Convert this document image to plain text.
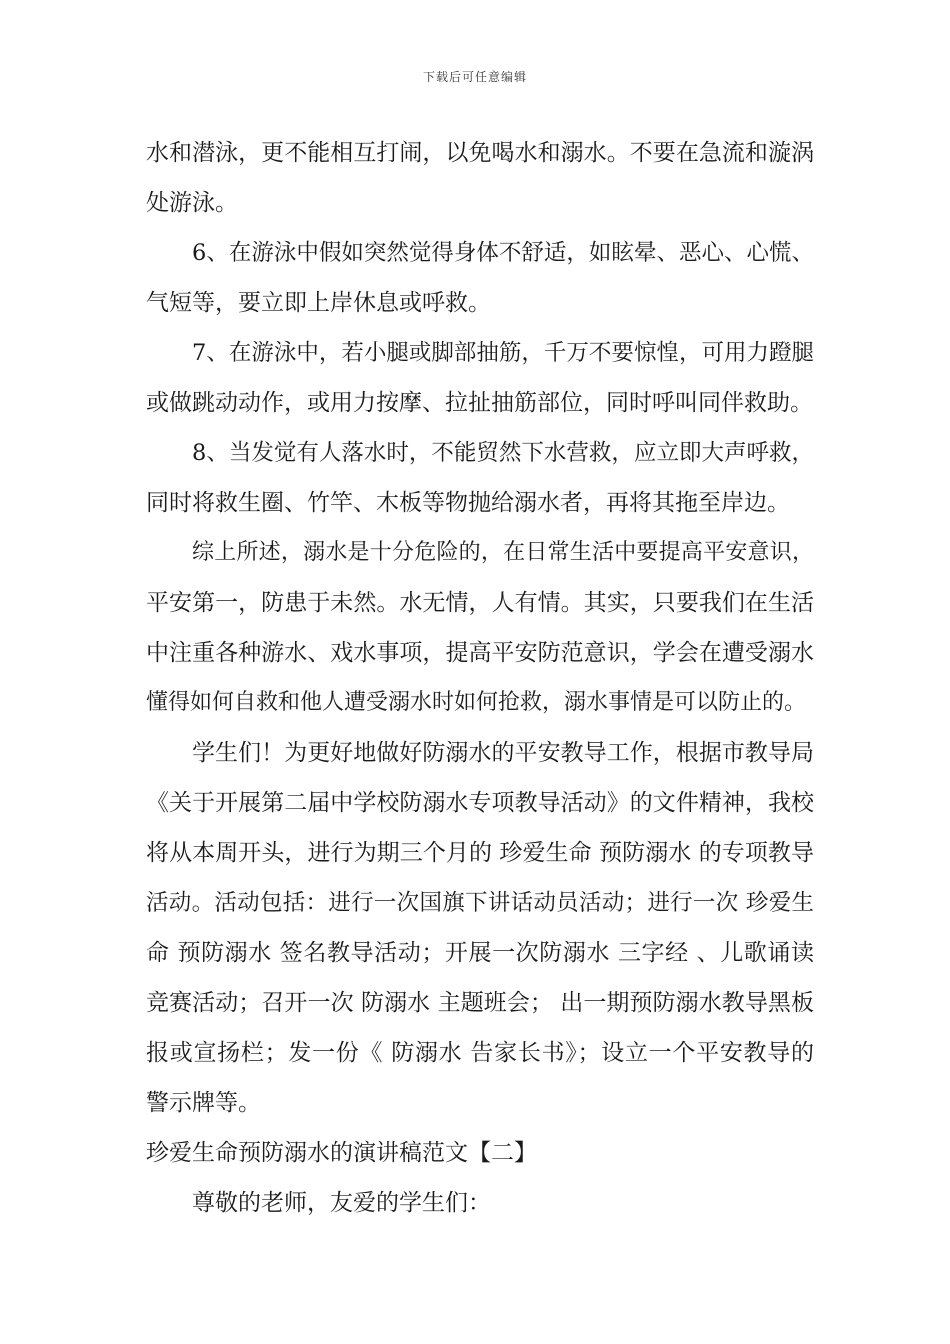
下载后可任意编辑
水和潜泳，更不能相互打闹，以免喝水和溺水。不要在急流和漩涡
处游泳。
6、在游泳中假如突然觉得身体不舒适，如眩晕、恶心、心慌、
气短等，要立即上岸休息或呼救。
7、在游泳中，若小腿或脚部抽筋，千万不要惊惶，可用力蹬腿
或做跳动动作，或用力按摩、拉扯抽筋部位，同时呼叫同伴救助。
8、当发觉有人落水时，不能贸然下水营救，应立即大声呼救，
同时将救生圈、竹竿、木板等物抛给溺水者，再将其拖至岸边。
综上所述，溺水是十分危险的，在日常生活中要提高平安意识，
平安第一，防患于未然。水无情，人有情。其实，只要我们在生活
中注重各种游水、戏水事项，提高平安防范意识，学会在遭受溺水
懂得如何自救和他人遭受溺水时如何抢救，溺水事情是可以防止的。
学生们！为更好地做好防溺水的平安教导工作，根据市教导局
《关于开展第二届中学校防溺水专项教导活动》的文件精神，我校
将从本周开头，进行为期三个月的 珍爱生命 预防溺水 的专项教导
活动。活动包括：进行一次国旗下讲话动员活动；进行一次 珍爱生
命 预防溺水 签名教导活动；开展一次防溺水 三字经 、儿歌诵读
竞赛活动；召开一次 防溺水 主题班会； 出一期预防溺水教导黑板
报或宣扬栏；发一份《 防溺水 告家长书》；设立一个平安教导的
警示牌等。
珍爱生命预防溺水的演讲稿范文【二】
尊敬的老师，友爱的学生们：
